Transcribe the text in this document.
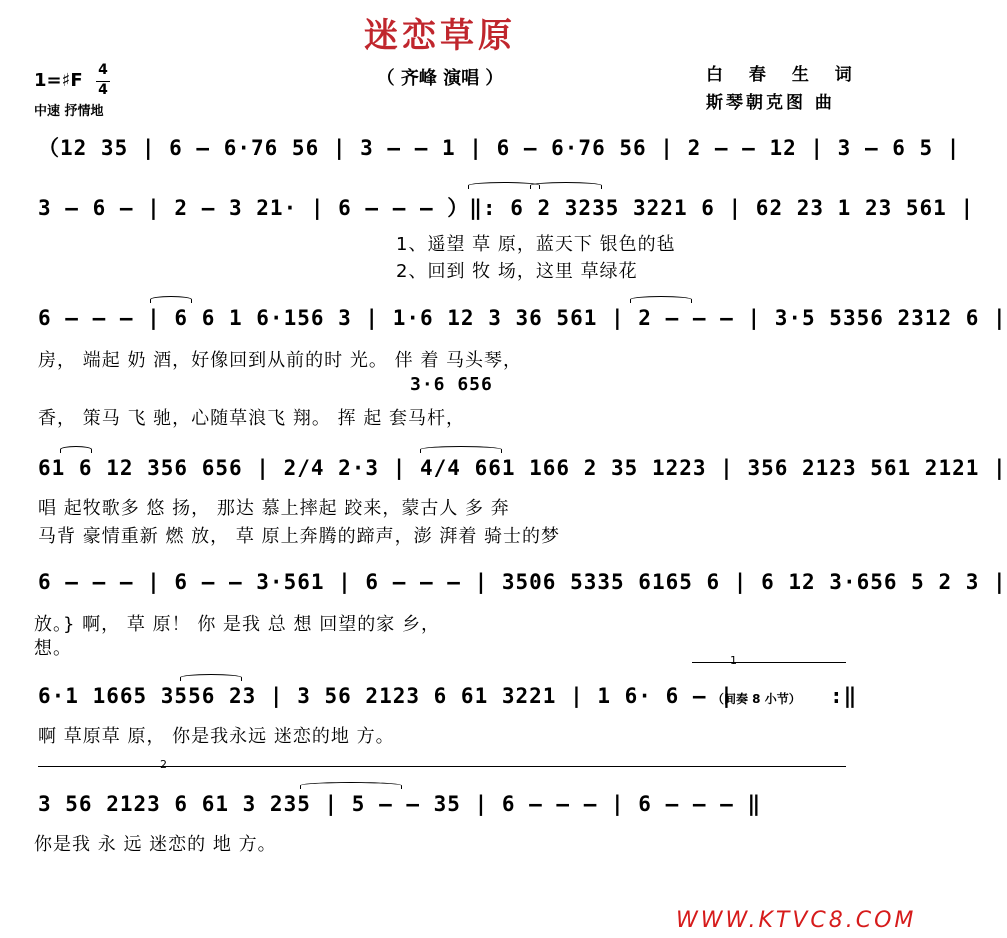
迷恋草原
（ 齐峰 演唱 ）	白 春 生 词
斯琴朝克图 曲
1=♯F 4
4
中速 抒情地
（12 35 | 6 – 6·76 56 | 3 – – 1 | 6 – 6·76 56 | 2 – – 12 | 3 – 6 5 |
3 – 6 – | 2 – 3 21· | 6 – – – ）‖: 6 2 3235 3221 6 | 62 23 1 23 561 |
1、遥望 草 原，蓝天下 银色的毡
2、回到 牧 场，这里 草绿花
6 – – – | 6 6 1 6·156 3 | 1·6 12 3 36 561 | 2 – – – | 3·5 5356 2312 6 |
房， 端起 奶 酒，好像回到从前的时 光。 伴 着 马头琴，
3·6 656
香， 策马 飞 驰，心随草浪飞 翔。 挥 起 套马杆，
61 6 12 356 656 | 2/4 2·3 | 4/4 661 166 2 35 1223 | 356 2123 561 2121 |
唱 起牧歌多 悠 扬， 那达 慕上摔起 跤来，蒙古人 多 奔
马背 豪情重新 燃 放， 草 原上奔腾的蹄声，澎 湃着 骑士的梦
6 – – – | 6 – – 3·561 | 6 – – – | 3506 5335 6165 6 | 6 12 3·656 5 2 3 |
放。} 啊， 草 原！ 你 是我 总 想 回望的家 乡，
想。
1
6·1 1665 3556 23 | 3 56 2123 6 61 3221 | 1 6· 6 – |
（间奏 8 小节） :‖
啊 草原草 原， 你是我永远 迷恋的地 方。
2
3 56 2123 6 61 3 235 | 5 – – 35 | 6 – – – | 6 – – – ‖
你是我 永 远 迷恋的 地 方。
WWW.KTVC8.COM
